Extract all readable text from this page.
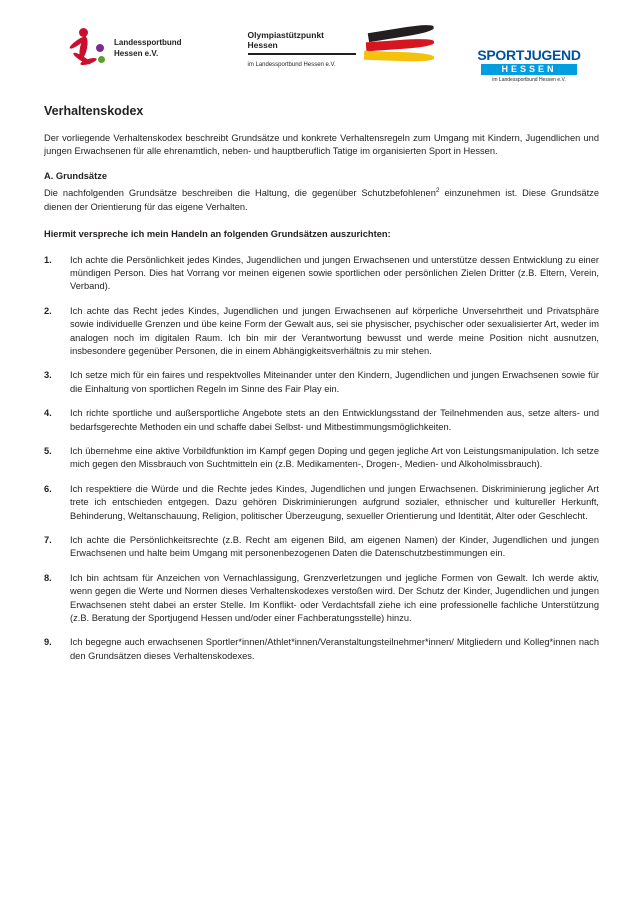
Landessportbund
Hessen e.V.
Olympiastützpunkt
Hessen
im Landessportbund Hessen e.V.
SPORTJUGEND
HESSEN
im Landessportbund Hessen e.V.
Verhaltenskodex

Der vorliegende Verhaltenskodex beschreibt Grundsätze und konkrete Verhaltensregeln zum Umgang mit Kindern, Jugendlichen und jungen Erwachsenen für alle ehrenamtlich, neben- und hauptberuflich Tatige im organisierten Sport in Hessen.

A. Grundsätze

Die nachfolgenden Grundsätze beschreiben die Haltung, die gegenüber Schutzbefohlenen$^2$ einzunehmen ist. Diese Grundsätze dienen der Orientierung für das eigene Verhalten.

Hiermit verspreche ich mein Handeln an folgenden Grundsätzen auszurichten:

1.	Ich achte die Persönlichkeit jedes Kindes, Jugendlichen und jungen Erwachsenen und unterstütze dessen Entwicklung zu einer mündigen Person. Dies hat Vorrang vor meinen eigenen sowie sportlichen oder persönlichen Zielen Dritter (z.B. Eltern, Verein, Verband).
2.	Ich achte das Recht jedes Kindes, Jugendlichen und jungen Erwachsenen auf körperliche Unversehrtheit und Privatsphäre sowie individuelle Grenzen und übe keine Form der Gewalt aus, sei sie physischer, psychischer oder sexualisierter Art, weder im analogen noch im digitalen Raum. Ich bin mir der Verantwortung bewusst und werde meine Position nicht ausnutzen, insbesondere gegenüber Personen, die in einem Abhängigkeitsverhältnis zu mir stehen.
3.	Ich setze mich für ein faires und respektvolles Miteinander unter den Kindern, Jugendlichen und jungen Erwachsenen sowie für die Einhaltung von sportlichen Regeln im Sinne des Fair Play ein.
4.	Ich richte sportliche und außersportliche Angebote stets an den Entwicklungsstand der Teilnehmenden aus, setze alters- und bedarfsgerechte Methoden ein und schaffe dabei Selbst- und Mitbestimmungsmöglichkeiten.
5.	Ich übernehme eine aktive Vorbildfunktion im Kampf gegen Doping und gegen jegliche Art von Leistungsmanipulation. Ich setze mich gegen den Missbrauch von Suchtmitteln ein (z.B. Medikamenten-, Drogen-, Medien- und Alkoholmissbrauch).
6.	Ich respektiere die Würde und die Rechte jedes Kindes, Jugendlichen und jungen Erwachsenen. Diskriminierung jeglicher Art trete ich entschieden entgegen. Dazu gehören Diskriminierungen aufgrund sozialer, ethnischer und kultureller Herkunft, Behinderung, Weltanschauung, Religion, politischer Überzeugung, sexueller Orientierung und Identität, Alter oder Geschlecht.
7.	Ich achte die Persönlichkeitsrechte (z.B. Recht am eigenen Bild, am eigenen Namen) der Kinder, Jugendlichen und jungen Erwachsenen und halte beim Umgang mit personenbezogenen Daten die Datenschutzbestimmungen ein.
8.	Ich bin achtsam für Anzeichen von Vernachlassigung, Grenzverletzungen und jegliche Formen von Gewalt. Ich werde aktiv, wenn gegen die Werte und Normen dieses Verhaltenskodexes verstoßen wird. Der Schutz der Kinder, Jugendlichen und jungen Erwachsenen steht dabei an erster Stelle. Im Konflikt- oder Verdachtsfall ziehe ich eine professionelle fachliche Unterstützung (z.B. Beratung der Sportjugend Hessen und/oder einer Fachberatungsstelle) hinzu.
9.	Ich begegne auch erwachsenen Sportler*innen/Athlet*innen/Veranstaltungsteilnehmer*innen/ Mitgliedern und Kolleg*innen nach den Grundsätzen dieses Verhaltenskodexes.
